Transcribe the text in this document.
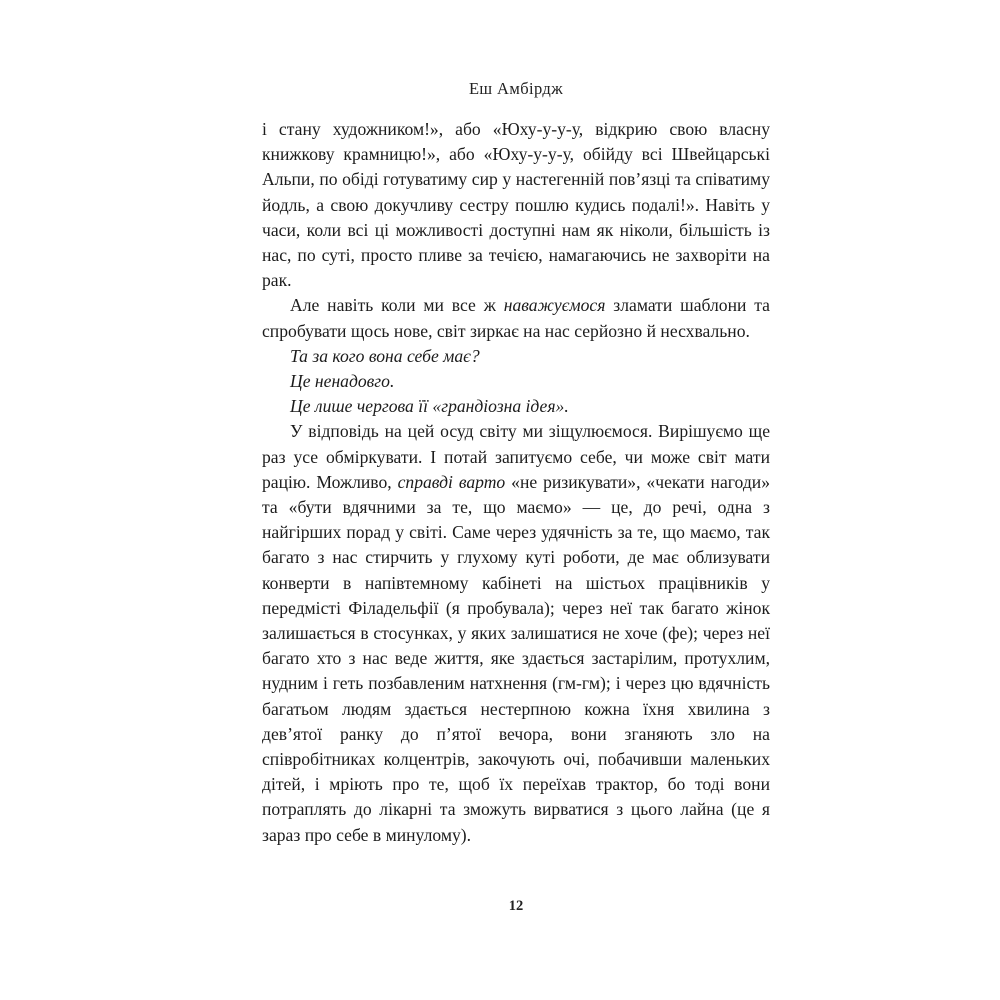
Еш Амбірдж

і стану художником!», або «Юху-у-у-у, відкрию свою власну книжкову крамницю!», або «Юху-у-у-у, обійду всі Швейцарські Альпи, по обіді готуватиму сир у настегенній пов’язці та співатиму йодль, а свою докучливу сестру пошлю кудись подалі!». Навіть у часи, коли всі ці можливості доступні нам як ніколи, більшість із нас, по суті, просто пливе за течією, намагаючись не захворіти на рак.

Але навіть коли ми все ж наважуємося зламати шаблони та спробувати щось нове, світ зиркає на нас серйозно й несхвально.

Та за кого вона себе має?

Це ненадовго.

Це лише чергова її «грандіозна ідея».

У відповідь на цей осуд світу ми зіщулюємося. Вирішуємо ще раз усе обміркувати. І потай запитуємо себе, чи може світ мати рацію. Можливо, справді варто «не ризикувати», «чекати нагоди» та «бути вдячними за те, що маємо» — це, до речі, одна з найгірших порад у світі. Саме через удячність за те, що маємо, так багато з нас стирчить у глухому куті роботи, де має облизувати конверти в напівтемному кабінеті на шістьох працівників у передмісті Філадельфії (я пробувала); через неї так багато жінок залишається в стосунках, у яких залишатися не хоче (фе); через неї багато хто з нас веде життя, яке здається застарілим, протухлим, нудним і геть позбавленим натхнення (гм-гм); і через цю вдячність багатьом людям здається нестерпною кожна їхня хвилина з дев’ятої ранку до п’ятої вечора, вони зганяють зло на співробітниках колцентрів, закочують очі, побачивши маленьких дітей, і мріють про те, щоб їх переїхав трактор, бо тоді вони потраплять до лікарні та зможуть вирватися з цього лайна (це я зараз про себе в минулому).

12
